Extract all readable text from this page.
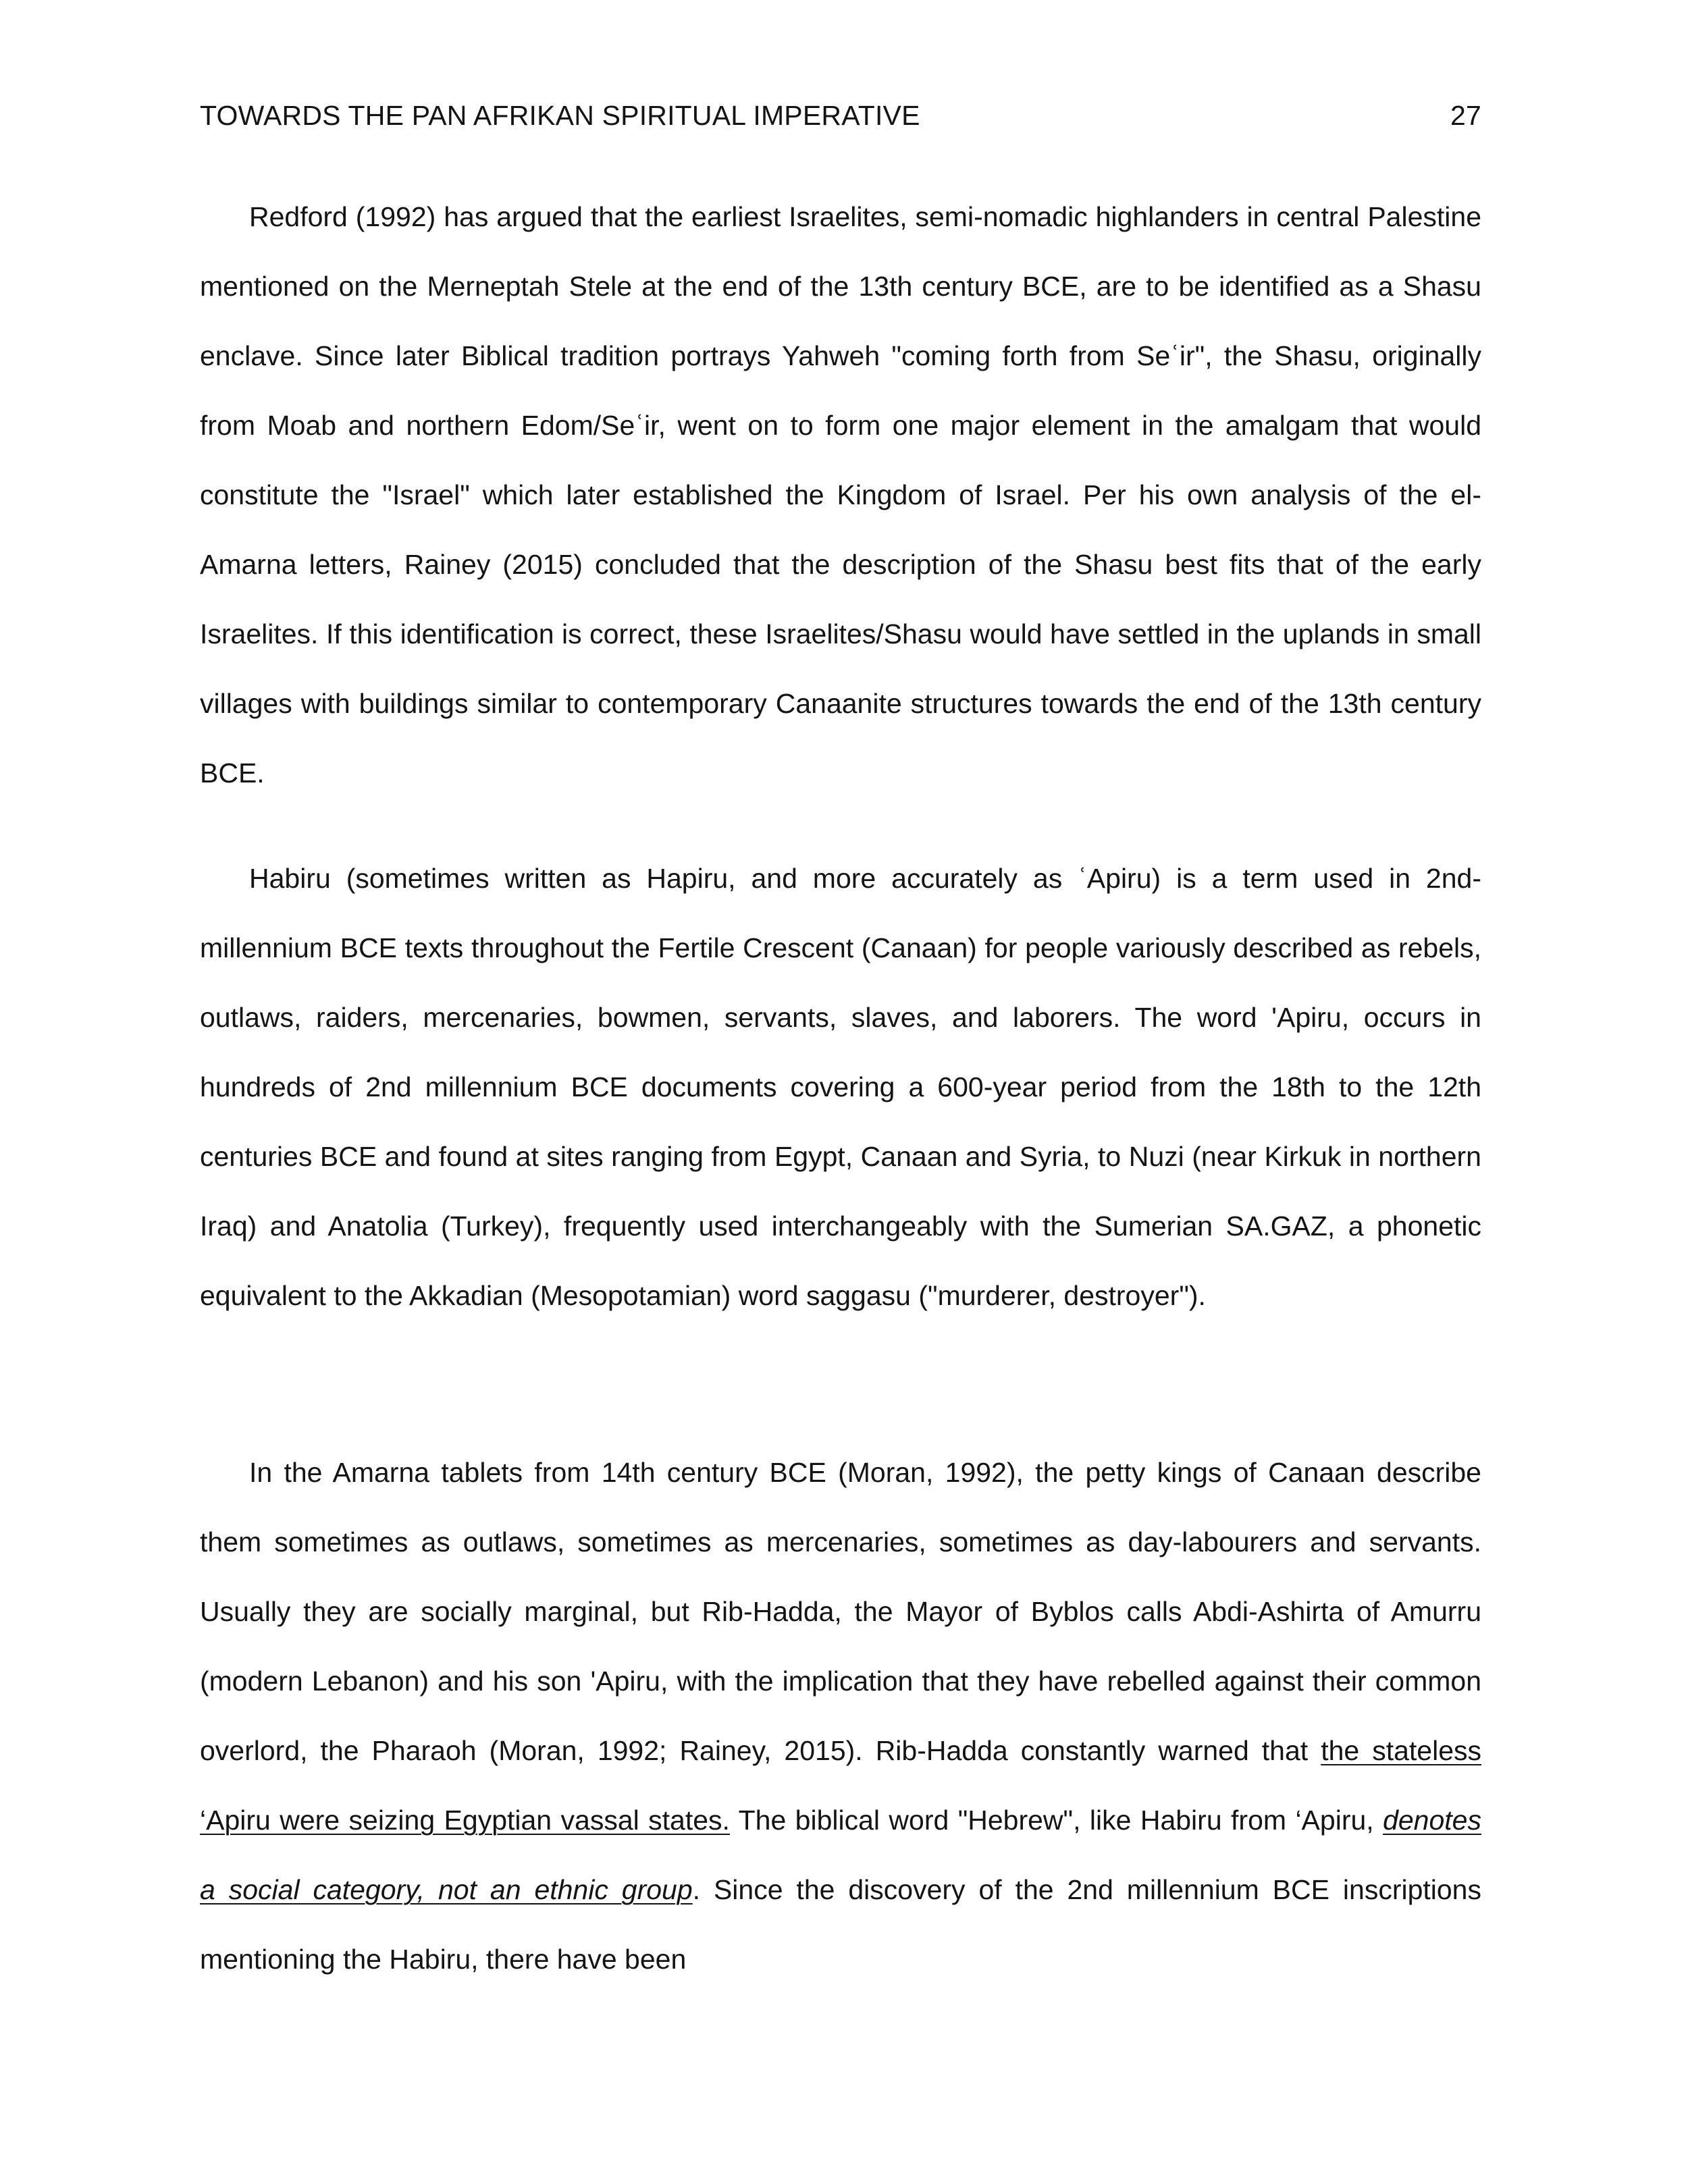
TOWARDS THE PAN AFRIKAN SPIRITUAL IMPERATIVE	27

Redford (1992) has argued that the earliest Israelites, semi-nomadic highlanders in central Palestine mentioned on the Merneptah Stele at the end of the 13th century BCE, are to be identified as a Shasu enclave. Since later Biblical tradition portrays Yahweh "coming forth from Seʿir", the Shasu, originally from Moab and northern Edom/Seʿir, went on to form one major element in the amalgam that would constitute the "Israel" which later established the Kingdom of Israel. Per his own analysis of the el-Amarna letters, Rainey (2015) concluded that the description of the Shasu best fits that of the early Israelites. If this identification is correct, these Israelites/Shasu would have settled in the uplands in small villages with buildings similar to contemporary Canaanite structures towards the end of the 13th century BCE.

Habiru (sometimes written as Hapiru, and more accurately as ʿApiru) is a term used in 2nd-millennium BCE texts throughout the Fertile Crescent (Canaan) for people variously described as rebels, outlaws, raiders, mercenaries, bowmen, servants, slaves, and laborers. The word 'Apiru, occurs in hundreds of 2nd millennium BCE documents covering a 600-year period from the 18th to the 12th centuries BCE and found at sites ranging from Egypt, Canaan and Syria, to Nuzi (near Kirkuk in northern Iraq) and Anatolia (Turkey), frequently used interchangeably with the Sumerian SA.GAZ, a phonetic equivalent to the Akkadian (Mesopotamian) word saggasu ("murderer, destroyer").

In the Amarna tablets from 14th century BCE (Moran, 1992), the petty kings of Canaan describe them sometimes as outlaws, sometimes as mercenaries, sometimes as day-labourers and servants. Usually they are socially marginal, but Rib-Hadda, the Mayor of Byblos calls Abdi-Ashirta of Amurru (modern Lebanon) and his son 'Apiru, with the implication that they have rebelled against their common overlord, the Pharaoh (Moran, 1992; Rainey, 2015). Rib-Hadda constantly warned that the stateless ‘Apiru were seizing Egyptian vassal states. The biblical word "Hebrew", like Habiru from ‘Apiru, denotes a social category, not an ethnic group. Since the discovery of the 2nd millennium BCE inscriptions mentioning the Habiru, there have been
